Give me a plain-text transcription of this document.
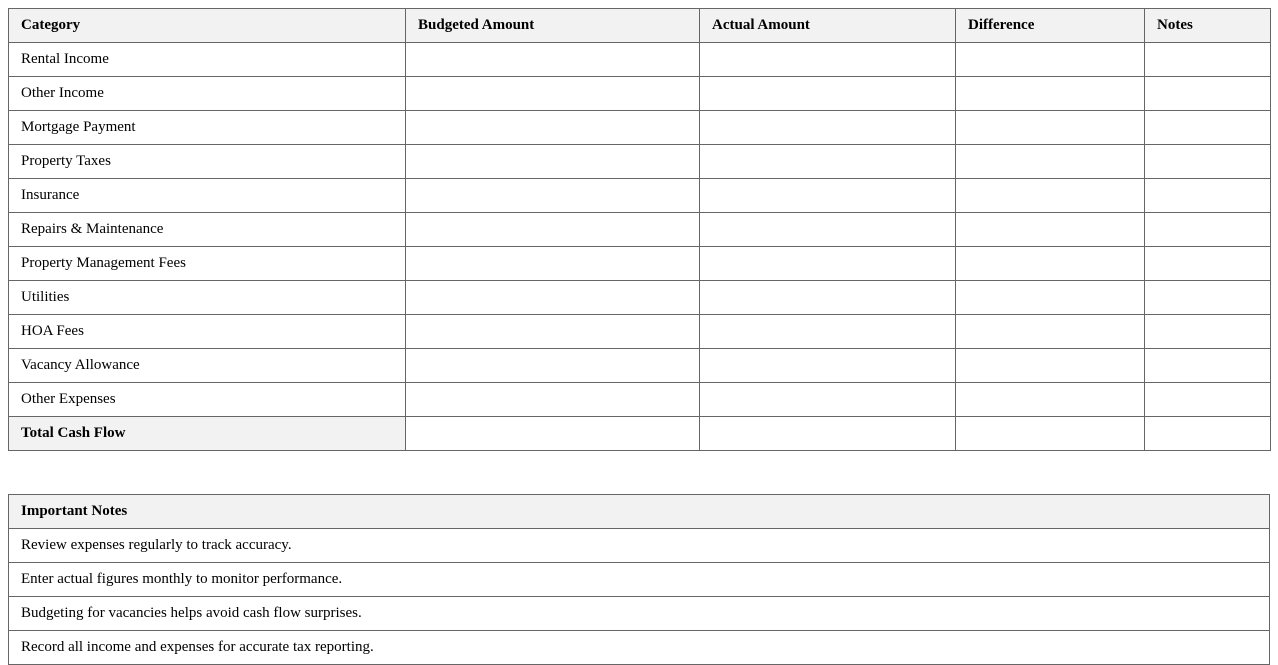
Category	Budgeted Amount	Actual Amount	Difference	Notes
Rental Income				
Other Income				
Mortgage Payment				
Property Taxes				
Insurance				
Repairs & Maintenance				
Property Management Fees				
Utilities				
HOA Fees				
Vacancy Allowance				
Other Expenses				
Total Cash Flow				
Important Notes
Review expenses regularly to track accuracy.
Enter actual figures monthly to monitor performance.
Budgeting for vacancies helps avoid cash flow surprises.
Record all income and expenses for accurate tax reporting.
